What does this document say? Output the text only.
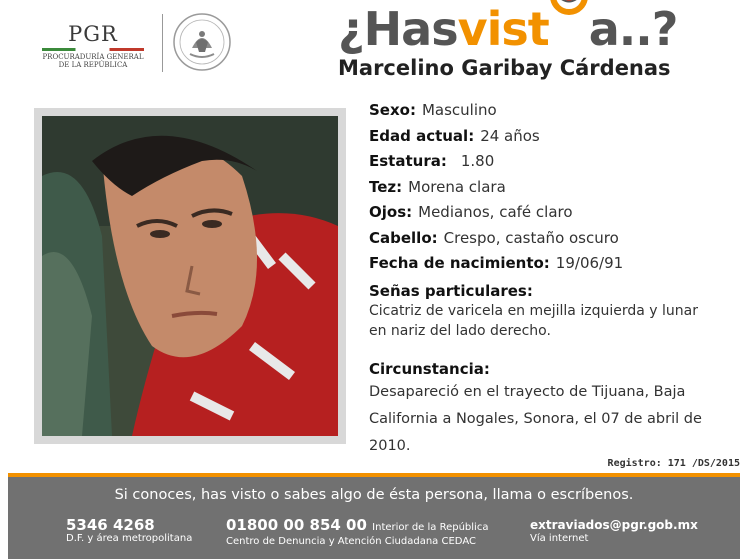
PGR
PROCURADURÍA GENERAL
DE LA REPÚBLICA
¿Has vist a..?
Marcelino Garibay Cárdenas
Sexo: Masculino
Edad actual: 24 años
Estatura: 1.80
Tez: Morena clara
Ojos: Medianos, café claro
Cabello: Crespo, castaño oscuro
Fecha de nacimiento: 19/06/91
Señas particulares:
Cicatriz de varicela en mejilla izquierda y lunar
en nariz del lado derecho.
Circunstancia:
Desapareció en el trayecto de Tijuana, Baja
California a Nogales, Sonora, el 07 de abril de
2010.
Registro: 171 /DS/2015
Si conoces, has visto o sabes algo de ésta persona, llama o escríbenos.
5346 4268
D.F. y área metropolitana
01800 00 854 00 Interior de la República
Centro de Denuncia y Atención Ciudadana CEDAC
extraviados@pgr.gob.mx
Vía internet
